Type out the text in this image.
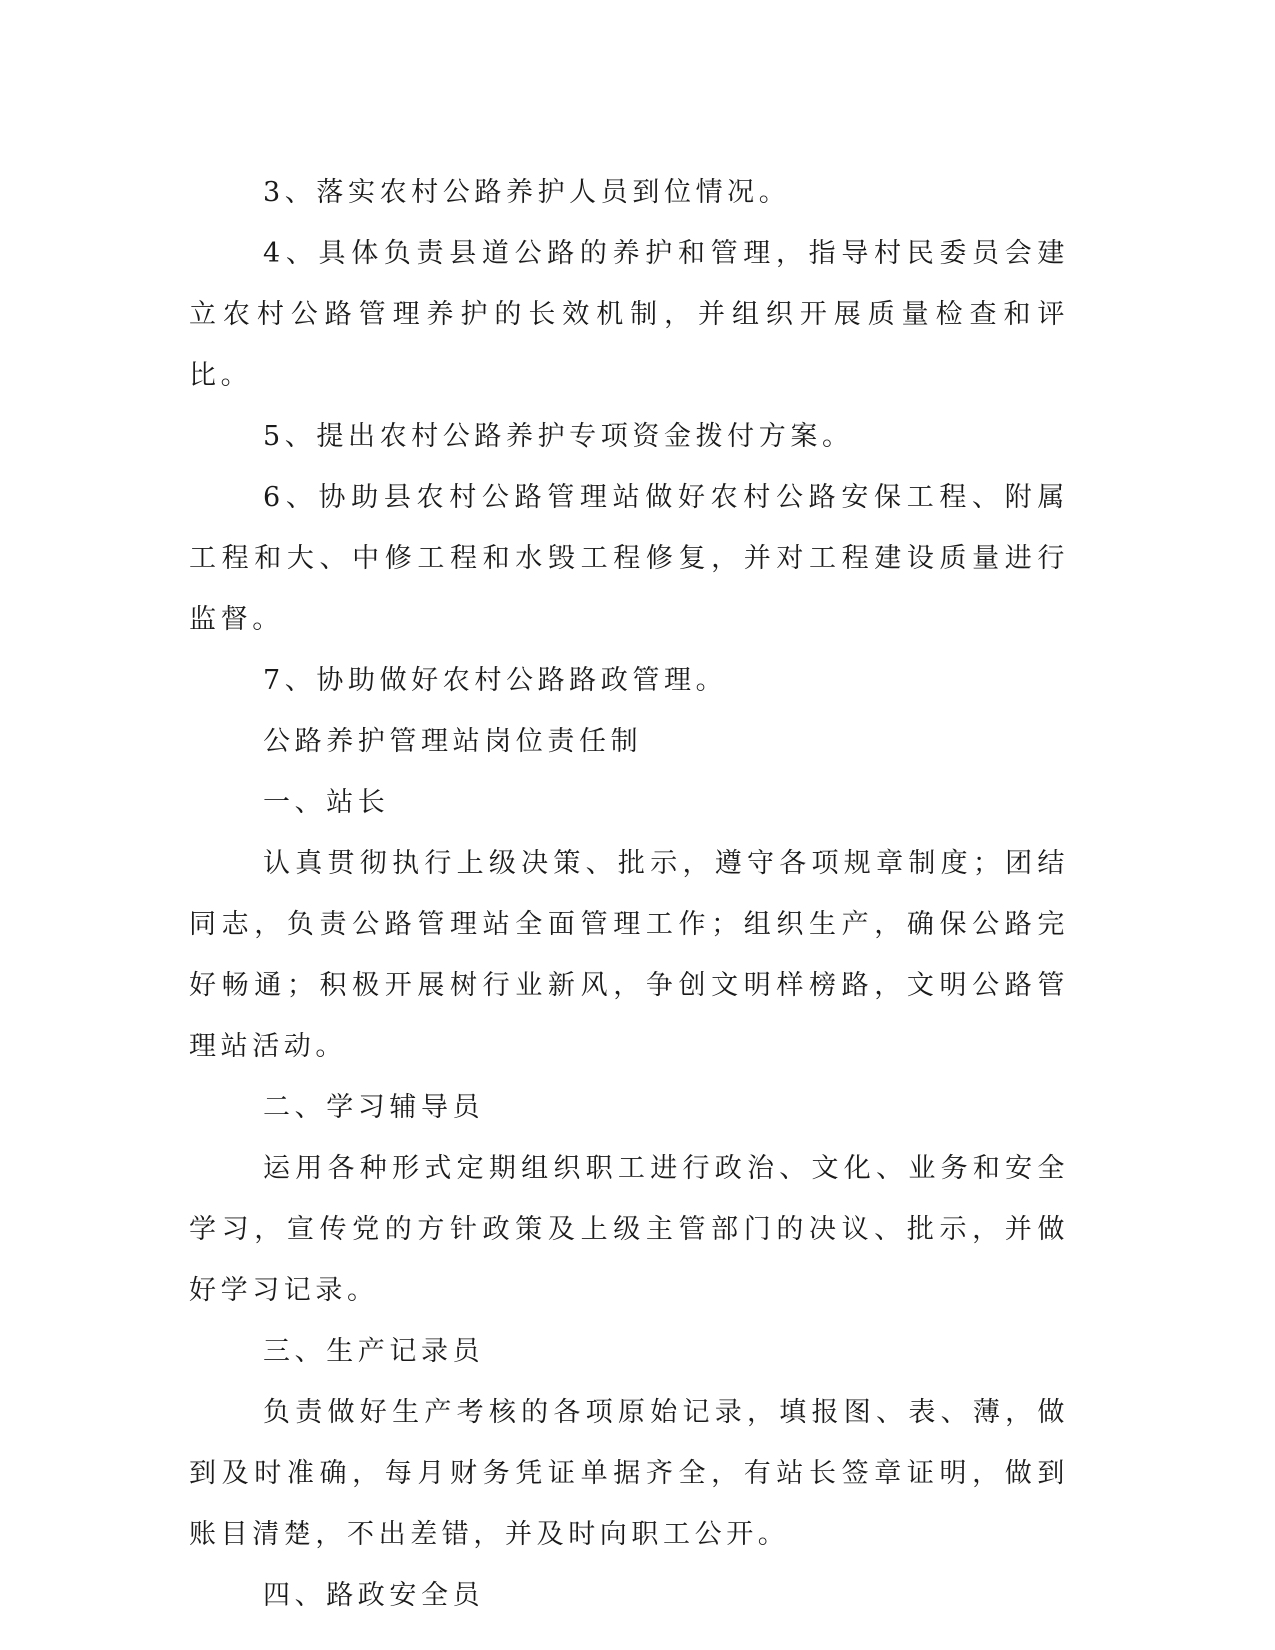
3、落实农村公路养护人员到位情况。

4、具体负责县道公路的养护和管理，指导村民委员会建立农村公路管理养护的长效机制，并组织开展质量检查和评比。

5、提出农村公路养护专项资金拨付方案。

6、协助县农村公路管理站做好农村公路安保工程、附属工程和大、中修工程和水毁工程修复，并对工程建设质量进行监督。

7、协助做好农村公路路政管理。

公路养护管理站岗位责任制

一、站长

认真贯彻执行上级决策、批示，遵守各项规章制度；团结同志，负责公路管理站全面管理工作；组织生产，确保公路完好畅通；积极开展树行业新风，争创文明样榜路，文明公路管理站活动。

二、学习辅导员

运用各种形式定期组织职工进行政治、文化、业务和安全学习，宣传党的方针政策及上级主管部门的决议、批示，并做好学习记录。

三、生产记录员

负责做好生产考核的各项原始记录，填报图、表、薄，做到及时准确，每月财务凭证单据齐全，有站长签章证明，做到账目清楚，不出差错，并及时向职工公开。

四、路政安全员
